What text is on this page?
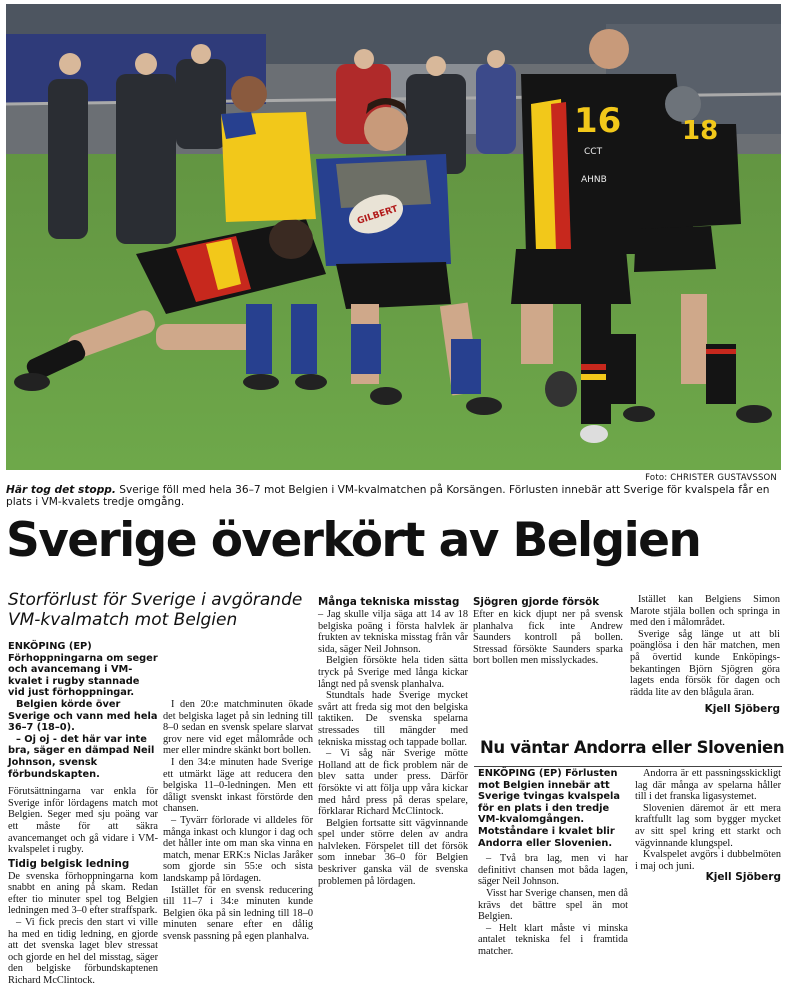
GILBERT
16
CCT
AHNB
18
Foto: CHRISTER GUSTAVSSON
Här tog det stopp. Sverige föll med hela 36–7 mot Belgien i VM-kvalmatchen på Korsängen. Förlusten innebär att Sverige för kvalspela får en plats i VM-kvalets tredje omgång.
Sverige överkört av Belgien
Storförlust för Sverige i avgörande VM-kvalmatch mot Belgien

ENKÖPING (EP) Förhoppningarna om seger och avancemang i VM-kvalet i rugby stannade vid just förhoppningar.

Belgien körde över Sverige och vann med hela 36–7 (18–0).

– Oj oj - det här var inte bra, säger en dämpad Neil Johnson, svensk förbundskapten.

Förutsättningarna var enkla för Sverige inför lördagens match mot Belgien. Seger med sju poäng var ett måste för att säkra avancemanget och gå vidare i VM-kvalspelet i rugby.

Tidig belgisk ledning

De svenska förhoppningarna kom snabbt en aning på skam. Redan efter tio minuter spel tog Belgien ledningen med 3–0 efter straffspark.

– Vi fick precis den start vi ville ha med en tidig ledning, en gjorde att det svenska laget blev stressat och gjorde en hel del misstag, säger den belgiske förbundskaptenen Richard McClintock.

I den 20:e matchminuten ökade det belgiska laget på sin ledning till 8–0 sedan en svensk spelare slarvat grov nere vid eget målområde och mer eller mindre skänkt bort bollen.

I den 34:e minuten hade Sverige ett utmärkt läge att reducera den belgiska 11–0-ledningen. Men ett dåligt svenskt inkast förstörde den chansen.

– Tyvärr förlorade vi alldeles för många inkast och klungor i dag och det håller inte om man ska vinna en match, menar ERK:s Niclas Jaråker som gjorde sin 55:e och sista landskamp på lördagen.

Istället för en svensk reducering till 11–7 i 34:e minuten kunde Belgien öka på sin ledning till 18–0 minuten senare efter en dålig svensk passning på egen planhalva.

Många tekniska misstag

– Jag skulle vilja säga att 14 av 18 belgiska poäng i första halvlek är frukten av tekniska misstag från vår sida, säger Neil Johnson.

Belgien försökte hela tiden sätta tryck på Sverige med långa kickar långt ned på svensk planhalva.

Stundtals hade Sverige mycket svårt att freda sig mot den belgiska taktiken. De svenska spelarna stressades till mängder med tekniska misstag och tappade bollar.

– Vi såg när Sverige mötte Holland att de fick problem när de blev satta under press. Därför försökte vi att följa upp våra kickar med hård press på deras spelare, förklarar Richard McClintock.

Belgien fortsatte sitt vägvinnande spel under större delen av andra halvleken. Förspelet till det försök som innebar 36–0 för Belgien beskriver ganska väl de svenska problemen på lördagen.

Sjögren gjorde försök

Efter en kick djupt ner på svensk planhalva fick inte Andrew Saunders kontroll på bollen. Stressad försökte Saunders sparka bort bollen men misslyckades.

Istället kan Belgiens Simon Marote stjäla bollen och springa in med den i målområdet.

Sverige såg länge ut att bli poänglösa i den här matchen, men på övertid kunde Enköpings-bekantingen Björn Sjögren göra lagets enda försök för dagen och rädda lite av den blågula äran.

Kjell Sjöberg
Nu väntar Andorra eller Slovenien

ENKÖPING (EP) Förlusten mot Belgien innebär att Sverige tvingas kvalspela för en plats i den tredje VM-kvalomgången. Motståndare i kvalet blir Andorra eller Slovenien.

– Två bra lag, men vi har definitivt chansen mot båda lagen, säger Neil Johnson.

Visst har Sverige chansen, men då krävs det bättre spel än mot Belgien.

– Helt klart måste vi minska antalet tekniska fel i framtida matcher.

Andorra är ett passningsskickligt lag där många av spelarna håller till i det franska ligasystemet.

Slovenien däremot är ett mera kraftfullt lag som bygger mycket av sitt spel kring ett starkt och vägvinnande klungspel.

Kvalspelet avgörs i dubbelmöten i maj och juni.

Kjell Sjöberg
